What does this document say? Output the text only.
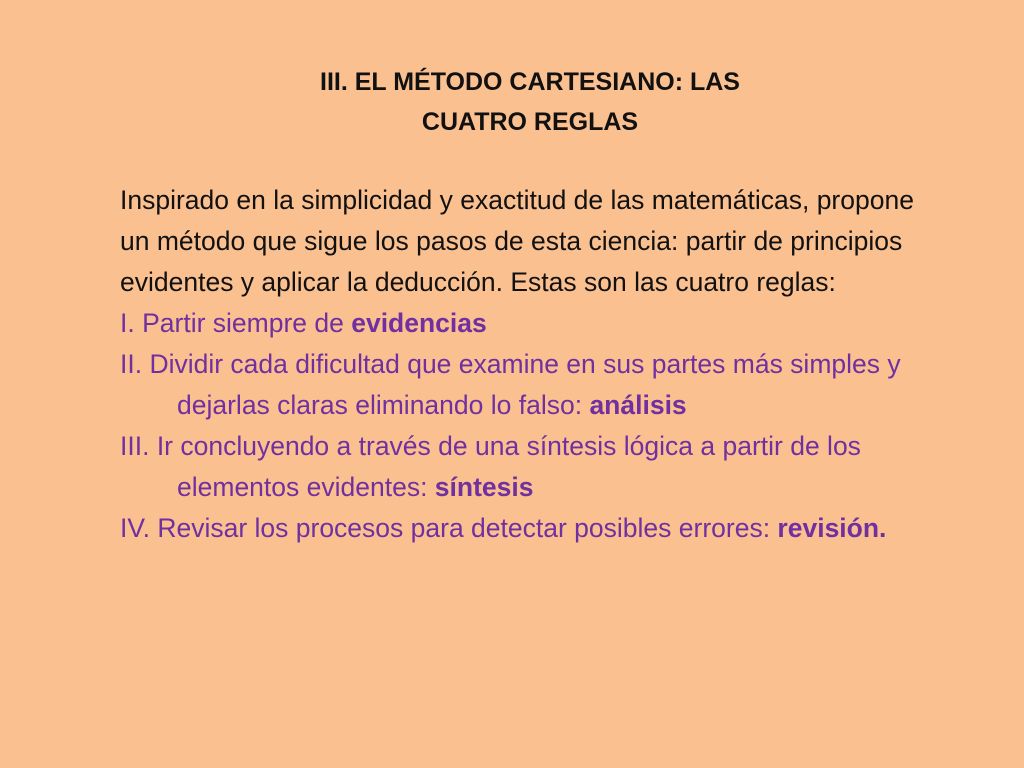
III. EL MÉTODO CARTESIANO: LAS
CUATRO REGLAS

Inspirado en la simplicidad y exactitud de las matemáticas, propone un método que sigue los pasos de esta ciencia: partir de principios evidentes y aplicar la deducción. Estas son las cuatro reglas:

I. Partir siempre de evidencias
II. Dividir cada dificultad que examine en sus partes más simples y dejarlas claras eliminando lo falso: análisis
III. Ir concluyendo a través de una síntesis lógica a partir de los elementos evidentes: síntesis
IV. Revisar los procesos para detectar posibles errores: revisión.
